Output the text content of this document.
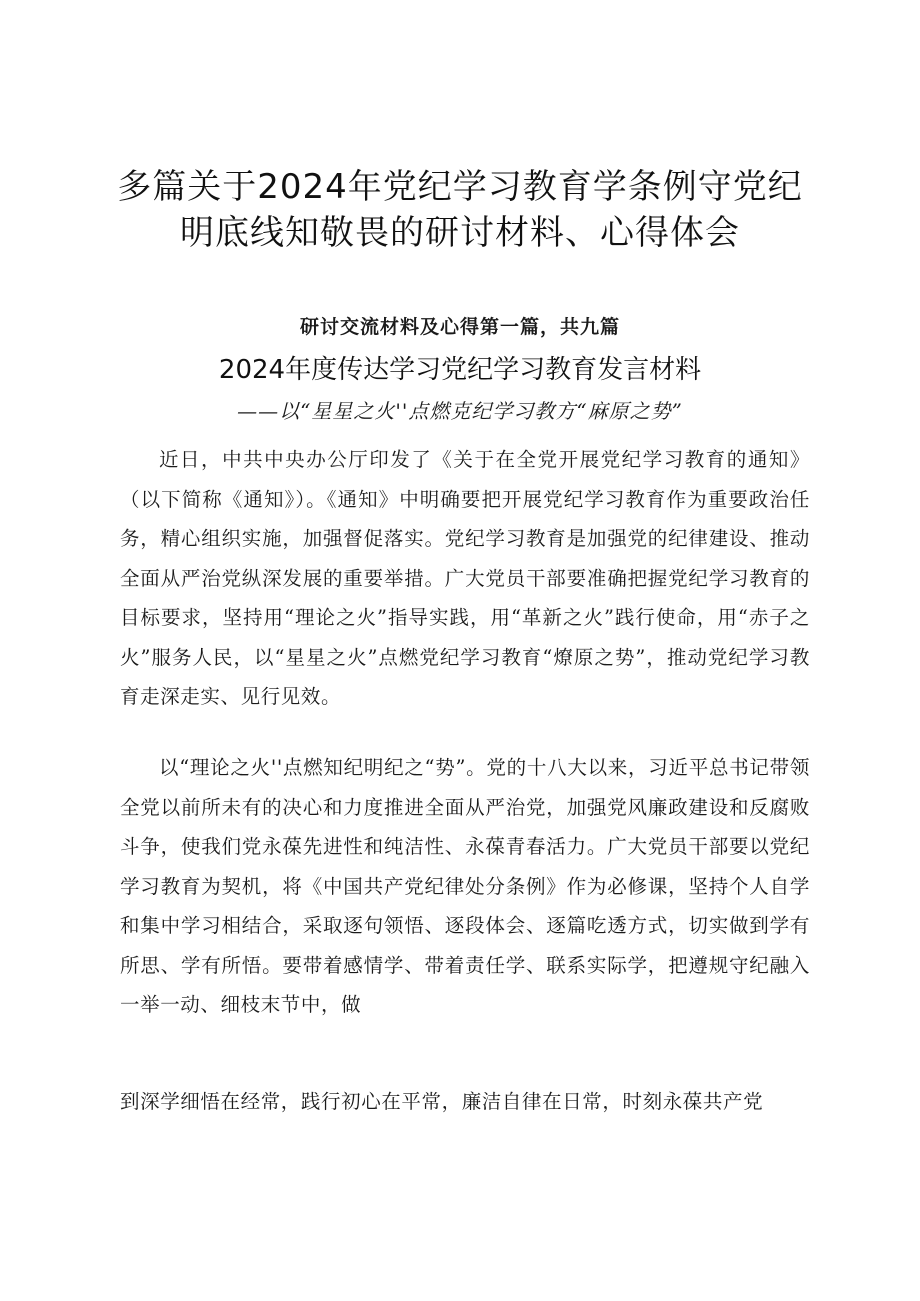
多篇关于2024年党纪学习教育学条例守党纪
明底线知敬畏的研讨材料、心得体会
研讨交流材料及心得第一篇，共九篇
2024年度传达学习党纪学习教育发言材料
——以“星星之火''点燃克纪学习教方“麻原之势”

近日，中共中央办公厅印发了《关于在全党开展党纪学习教育的通知》（以下简称《通知》）。《通知》中明确要把开展党纪学习教育作为重要政治任务，精心组织实施，加强督促落实。党纪学习教育是加强党的纪律建设、推动全面从严治党纵深发展的重要举措。广大党员干部要准确把握党纪学习教育的目标要求，坚持用“理论之火”指导实践，用“革新之火”践行使命，用“赤子之火”服务人民，以“星星之火”点燃党纪学习教育“燎原之势”，推动党纪学习教育走深走实、见行见效。

以“理论之火''点燃知纪明纪之“势”。党的十八大以来，习近平总书记带领全党以前所未有的决心和力度推进全面从严治党，加强党风廉政建设和反腐败斗争，使我们党永葆先进性和纯洁性、永葆青春活力。广大党员干部要以党纪学习教育为契机，将《中国共产党纪律处分条例》作为必修课，坚持个人自学和集中学习相结合，采取逐句领悟、逐段体会、逐篇吃透方式，切实做到学有所思、学有所悟。要带着感情学、带着责任学、联系实际学，把遵规守纪融入一举一动、细枝末节中，做

到深学细悟在经常，践行初心在平常，廉洁自律在日常，时刻永葆共产党
